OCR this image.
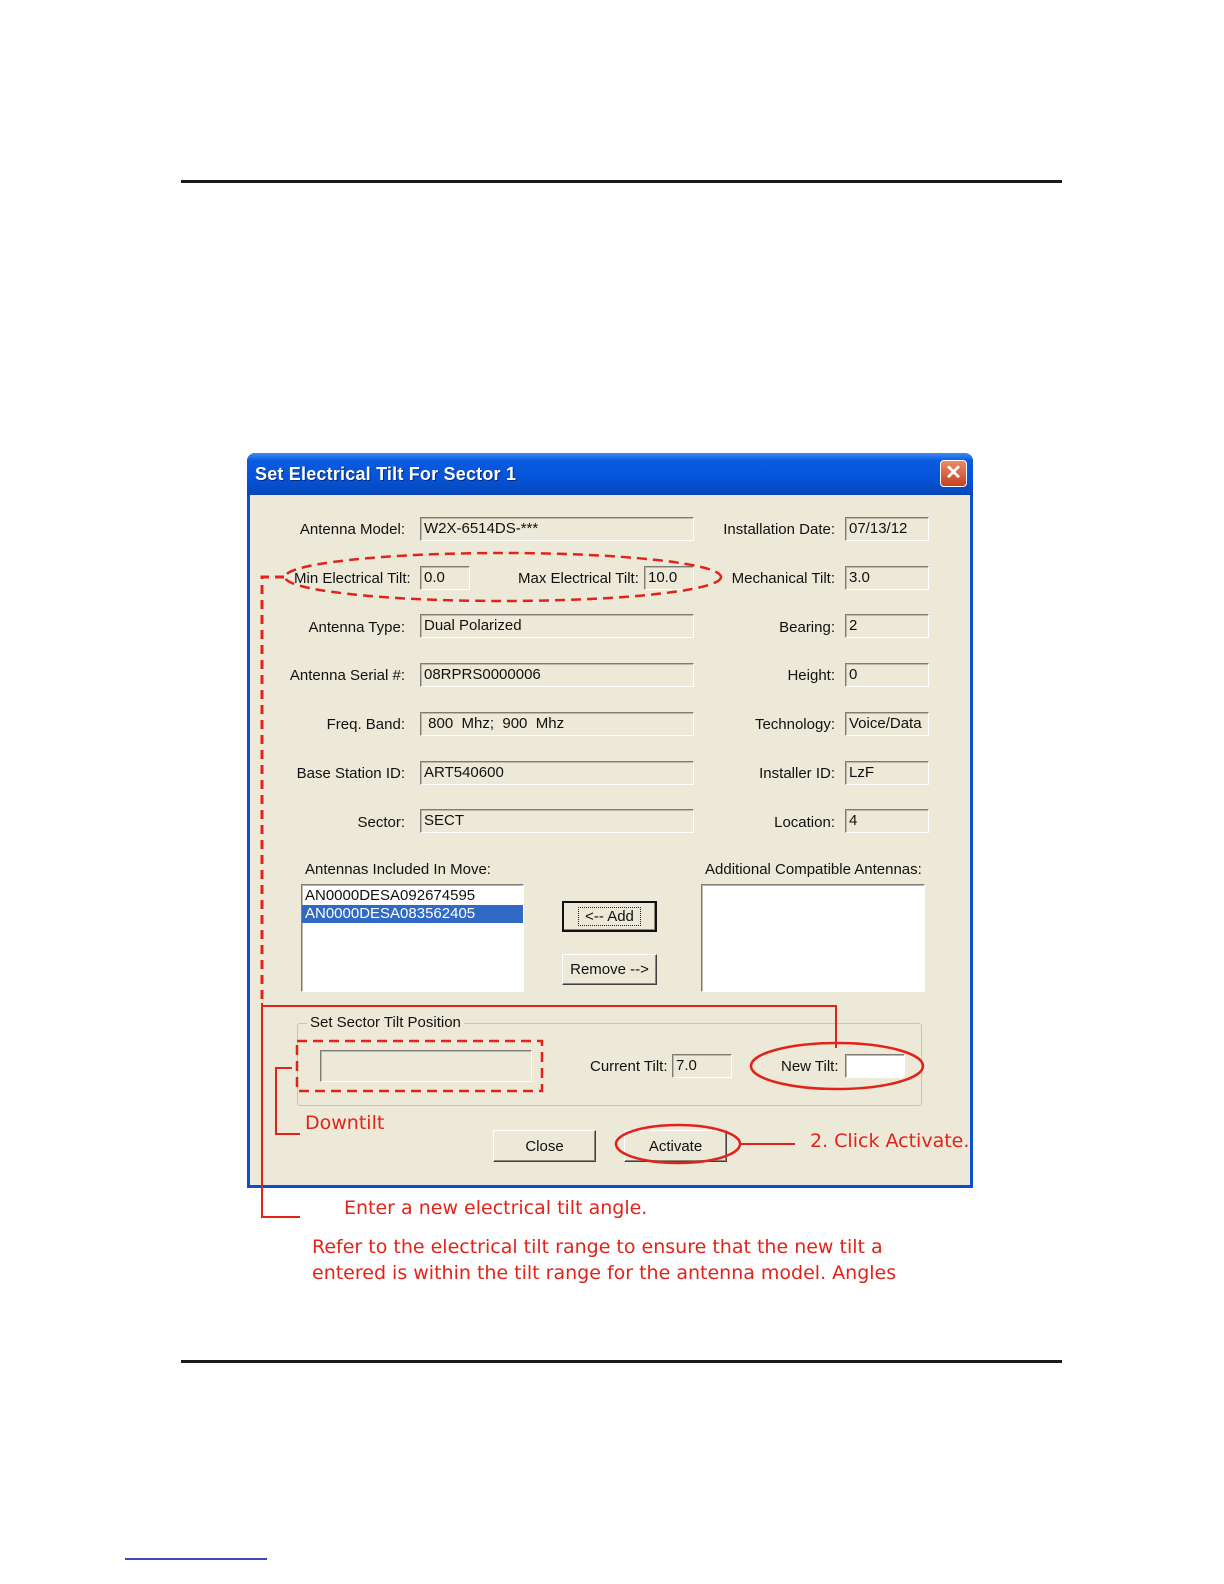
Set Electrical Tilt For Sector 1	✕
Antenna Model: W2X-6514DS-***
Min Electrical Tilt: 0.0	Max Electrical Tilt: 10.0
Antenna Type: Dual Polarized
Antenna Serial #: 08RPRS0000006
Freq. Band: 800  Mhz;  900  Mhz
Base Station ID: ART540600
Sector: SECT
Installation Date: 07/13/12
Mechanical Tilt: 3.0
Bearing: 2
Height: 0
Technology: Voice/Data
Installer ID: LzF
Location: 4
Antennas Included In Move:
AN0000DESA092674595
AN0000DESA083562405	<-- Add
Remove -->
Additional Compatible Antennas:
Set Sector Tilt Position
Current Tilt: 7.0	New Tilt:
Close	Activate
Downtilt
2. Click Activate.
Enter a new electrical tilt angle.
Refer to the electrical tilt range to ensure that the new tilt a
entered is within the tilt range for the antenna model. Angles
